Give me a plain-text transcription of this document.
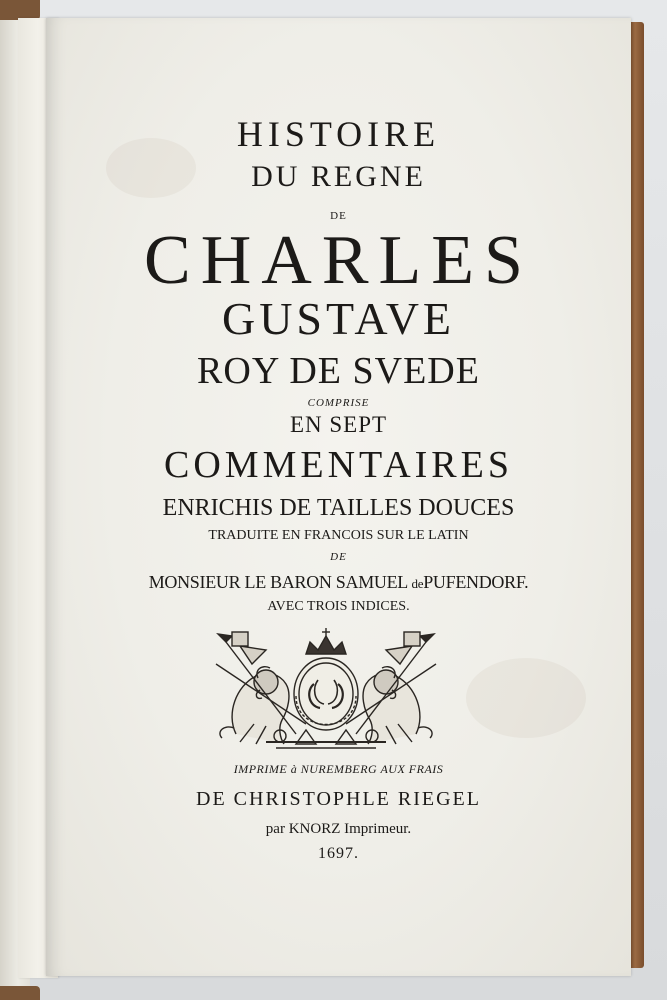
HISTOIRE
DU REGNE
DE
CHARLES
GUSTAVE
ROY DE SVEDE
COMPRISE
EN SEPT
COMMENTAIRES
ENRICHIS DE TAILLES DOUCES
TRADUITE EN FRANCOIS SUR LE LATIN
DE
MONSIEUR LE BARON SAMUEL dePUFENDORF.
AVEC TROIS INDICES.
IMPRIME à NUREMBERG AUX FRAIS
DE CHRISTOPHLE RIEGEL
par KNORZ Imprimeur.
1697.
